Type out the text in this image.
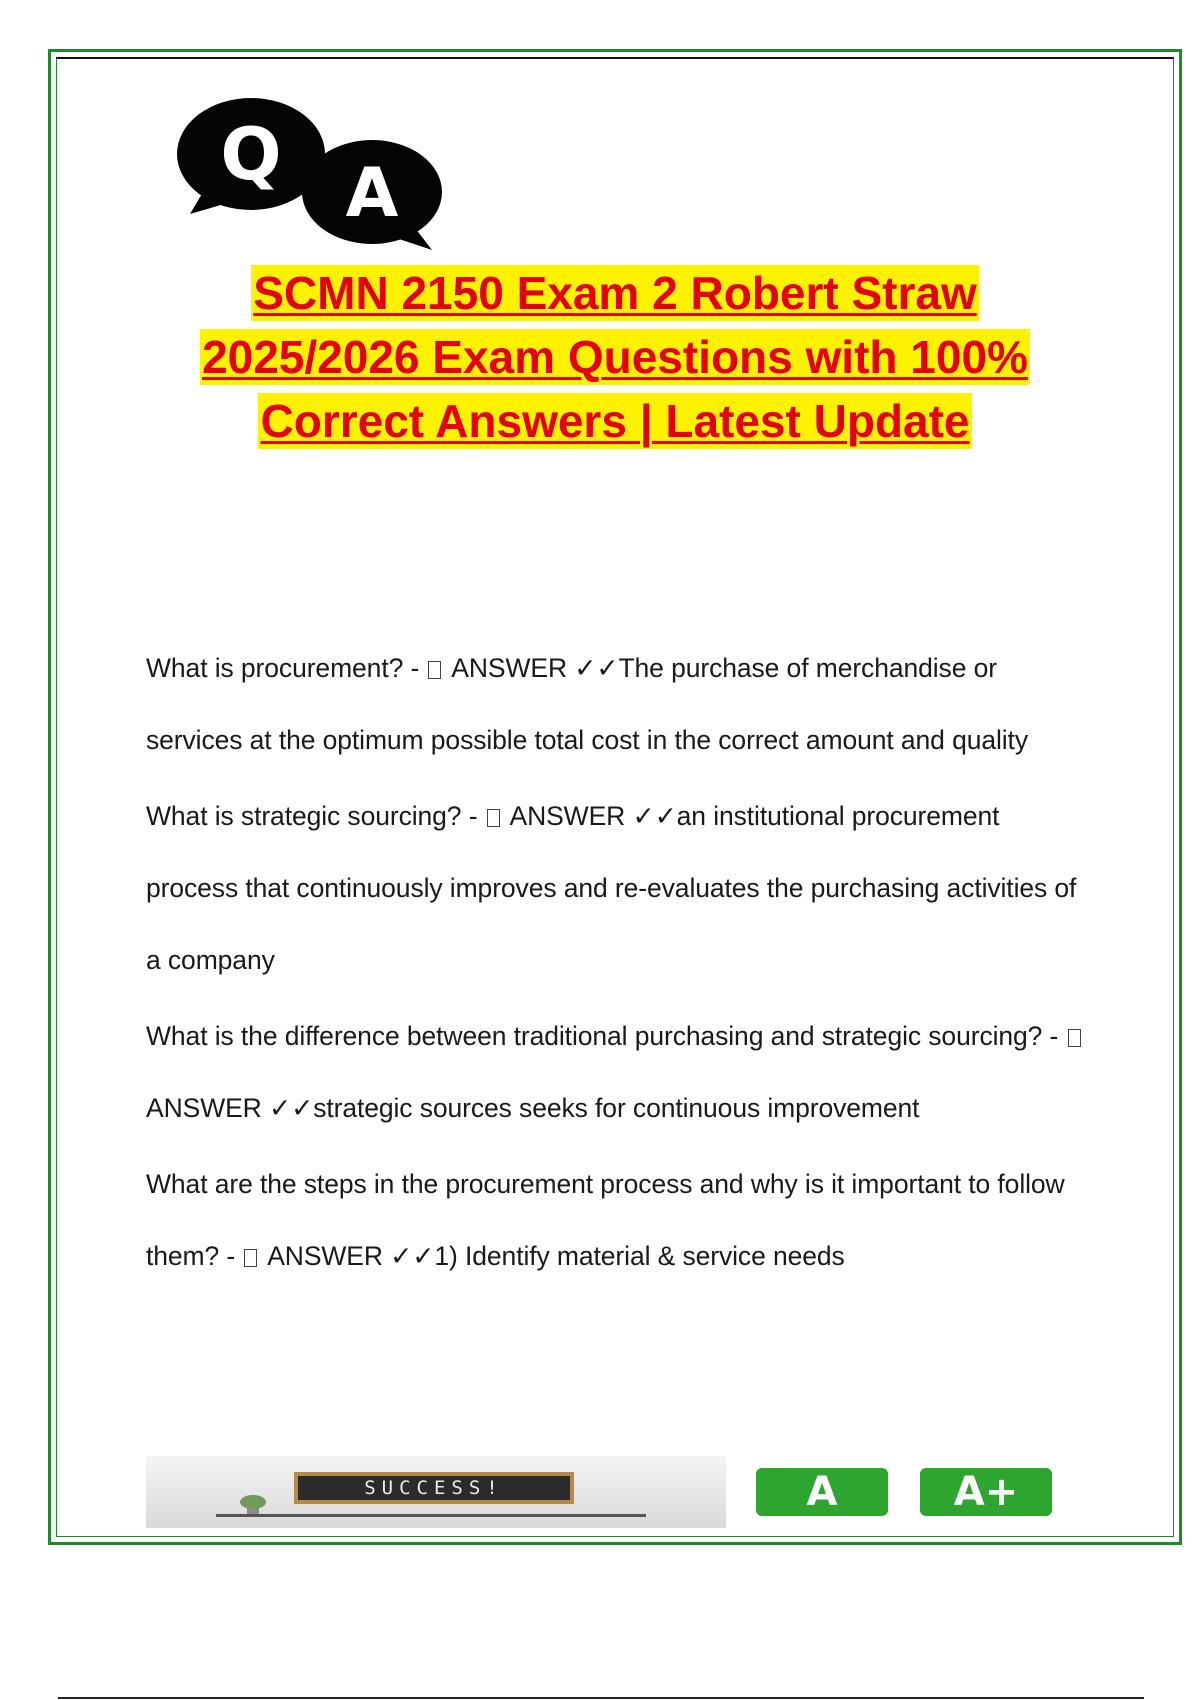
Q A
SCMN 2150 Exam 2 Robert Straw
2025/2026 Exam Questions with 100%
Correct Answers | Latest Update
What is procurement? -  ANSWER ✓✓The purchase of merchandise or services at the optimum possible total cost in the correct amount and quality
What is strategic sourcing? -  ANSWER ✓✓an institutional procurement process that continuously improves and re-evaluates the purchasing activities of a company
What is the difference between traditional purchasing and strategic sourcing? -  ANSWER ✓✓strategic sources seeks for continuous improvement
What are the steps in the procurement process and why is it important to follow them? -  ANSWER ✓✓1) Identify material & service needs
SUCCESS!	A	A+
